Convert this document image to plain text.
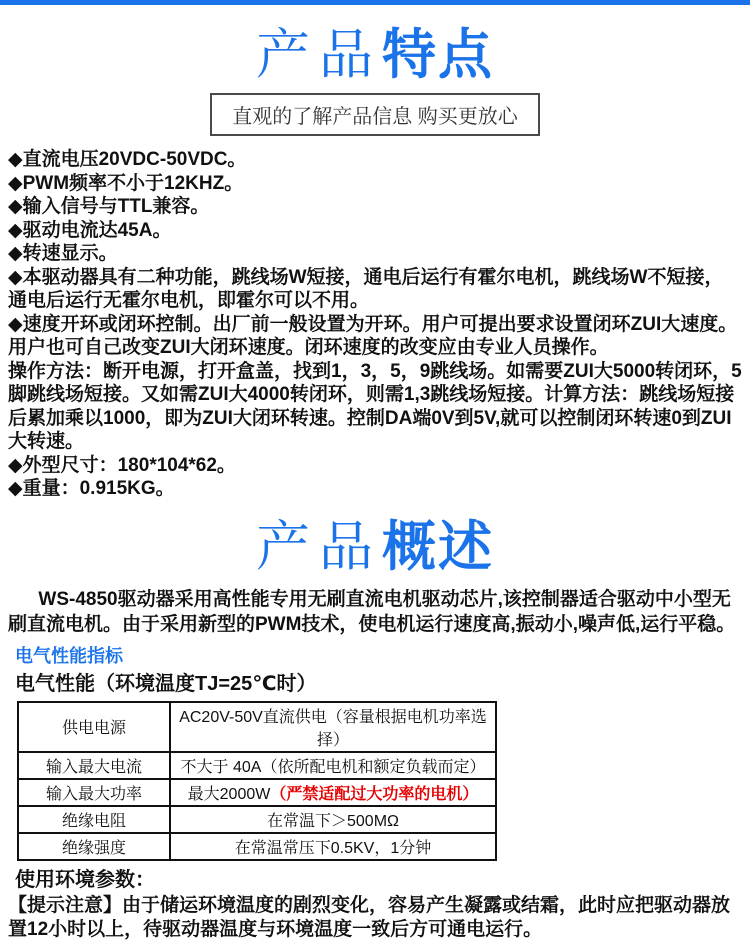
产品特点
直观的了解产品信息 购买更放心

◆直流电压20VDC-50VDC。

◆PWM频率不小于12KHZ。

◆输入信号与TTL兼容。

◆驱动电流达45A。

◆转速显示。

◆本驱动器具有二种功能，跳线场W短接，通电后运行有霍尔电机，跳线场W不短接，通电后运行无霍尔电机，即霍尔可以不用。

◆速度开环或闭环控制。出厂前一般设置为开环。用户可提出要求设置闭环ZUI大速度。用户也可自己改变ZUI大闭环速度。闭环速度的改变应由专业人员操作。

操作方法：断开电源，打开盒盖，找到1，3，5，9跳线场。如需要ZUI大5000转闭环，5脚跳线场短接。又如需ZUI大4000转闭环，则需1,3跳线场短接。计算方法：跳线场短接后累加乘以1000，即为ZUI大闭环转速。控制DA端0V到5V,就可以控制闭环转速0到ZUI大转速。

◆外型尺寸：180*104*62。

◆重量：0.915KG。

产品概述

WS-4850驱动器采用高性能专用无刷直流电机驱动芯片,该控制器适合驱动中小型无刷直流电机。由于采用新型的PWM技术，使电机运行速度高,振动小,噪声低,运行平稳。

电气性能指标

电气性能（环境温度TJ=25℃时）

供电电源	AC20V-50V直流供电（容量根据电机功率选择）
输入最大电流	不大于 40A（依所配电机和额定负载而定）
输入最大功率	最大2000W（严禁适配过大功率的电机）
绝缘电阻	在常温下＞500MΩ
绝缘强度	在常温常压下0.5KV，1分钟

使用环境参数：

【提示注意】由于储运环境温度的剧烈变化，容易产生凝露或结霜，此时应把驱动器放置12小时以上，待驱动器温度与环境温度一致后方可通电运行。
